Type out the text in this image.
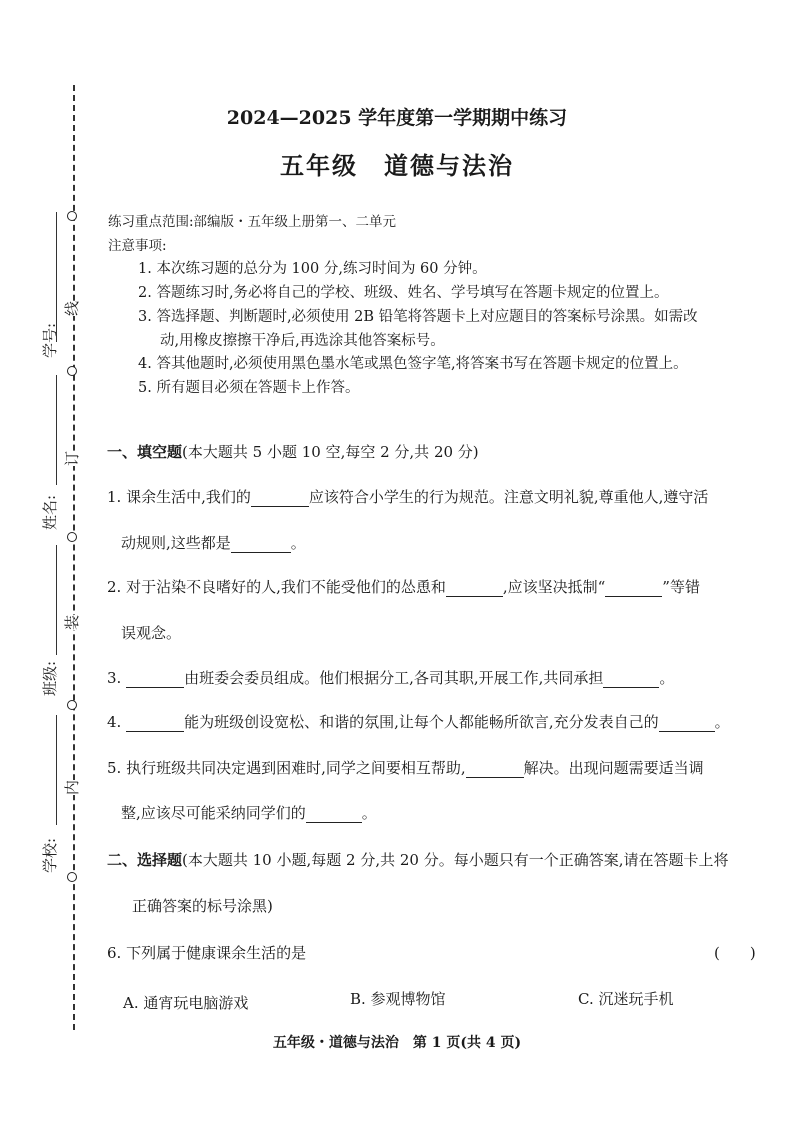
学号:
姓名:
班级:
学校:
线
订
装
内
2024—2025 学年度第一学期期中练习
五年级　道德与法治
练习重点范围:部编版・五年级上册第一、二单元
注意事项:
1. 本次练习题的总分为 100 分,练习时间为 60 分钟。
2. 答题练习时,务必将自己的学校、班级、姓名、学号填写在答题卡规定的位置上。
3. 答选择题、判断题时,必须使用 2B 铅笔将答题卡上对应题目的答案标号涂黑。如需改
动,用橡皮擦擦干净后,再选涂其他答案标号。
4. 答其他题时,必须使用黑色墨水笔或黑色签字笔,将答案书写在答题卡规定的位置上。
5. 所有题目必须在答题卡上作答。
一、填空题(本大题共 5 小题 10 空,每空 2 分,共 20 分)
1. 课余生活中,我们的	应该符合小学生的行为规范。注意文明礼貌,尊重他人,遵守活
动规则,这些都是	。
2. 对于沾染不良嗜好的人,我们不能受他们的怂恿和	,应该坚决抵制“	”等错
误观念。
3.	由班委会委员组成。他们根据分工,各司其职,开展工作,共同承担	。
4.	能为班级创设宽松、和谐的氛围,让每个人都能畅所欲言,充分发表自己的	。
5. 执行班级共同决定遇到困难时,同学之间要相互帮助,	解决。出现问题需要适当调
整,应该尽可能采纳同学们的	。
二、选择题(本大题共 10 小题,每题 2 分,共 20 分。每小题只有一个正确答案,请在答题卡上将
正确答案的标号涂黑)
6. 下列属于健康课余生活的是	(　　)
A. 通宵玩电脑游戏	B. 参观博物馆	C. 沉迷玩手机
五年级・道德与法治　第 1 页(共 4 页)
